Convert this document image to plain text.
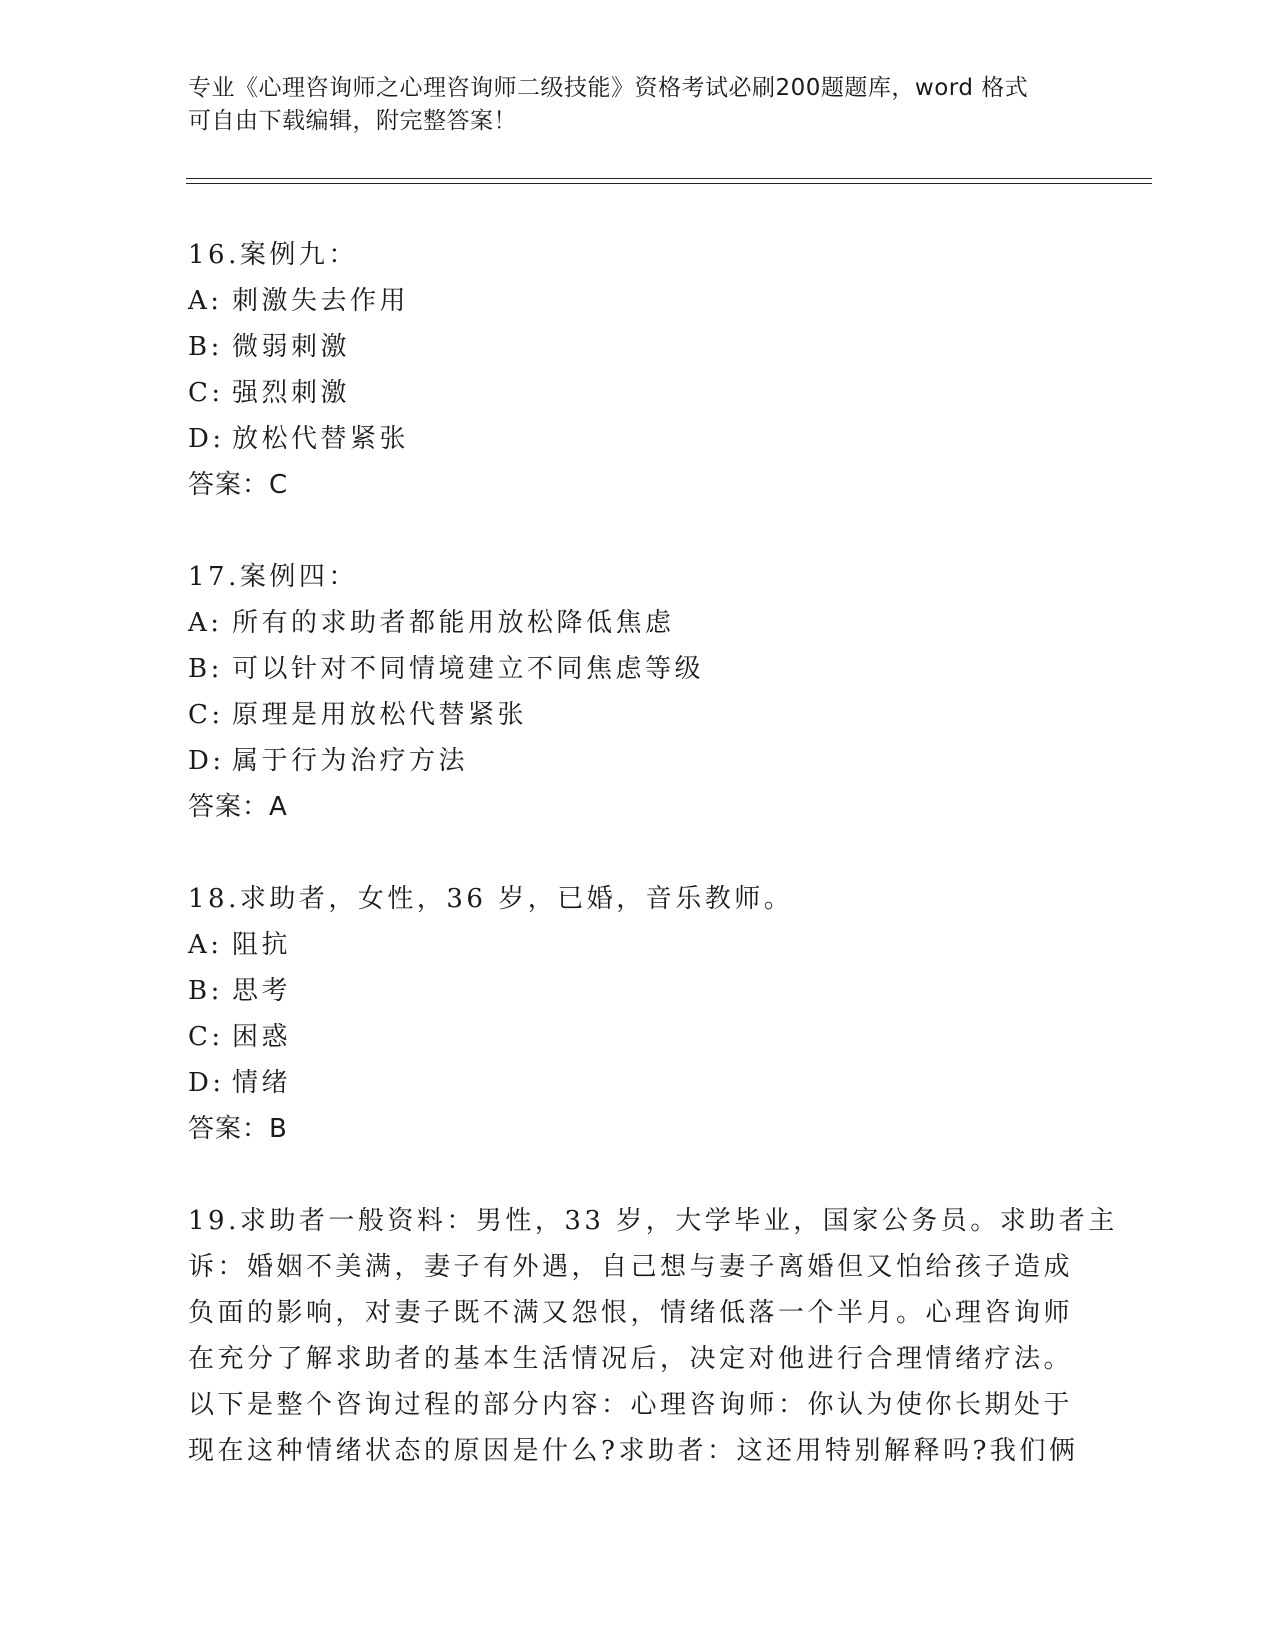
专业《心理咨询师之心理咨询师二级技能》资格考试必刷200题题库，word 格式
可自由下载编辑，附完整答案！
16.案例九：
A: 刺激失去作用
B: 微弱刺激
C: 强烈刺激
D: 放松代替紧张
答案：C
17.案例四：
A: 所有的求助者都能用放松降低焦虑
B: 可以针对不同情境建立不同焦虑等级
C: 原理是用放松代替紧张
D: 属于行为治疗方法
答案：A
18.求助者，女性，36 岁，已婚，音乐教师。
A: 阻抗
B: 思考
C: 困惑
D: 情绪
答案：B
19.求助者一般资料：男性，33 岁，大学毕业，国家公务员。求助者主
诉：婚姻不美满，妻子有外遇，自己想与妻子离婚但又怕给孩子造成
负面的影响，对妻子既不满又怨恨，情绪低落一个半月。心理咨询师
在充分了解求助者的基本生活情况后，决定对他进行合理情绪疗法。
以下是整个咨询过程的部分内容：心理咨询师：你认为使你长期处于
现在这种情绪状态的原因是什么?求助者：这还用特别解释吗?我们俩
